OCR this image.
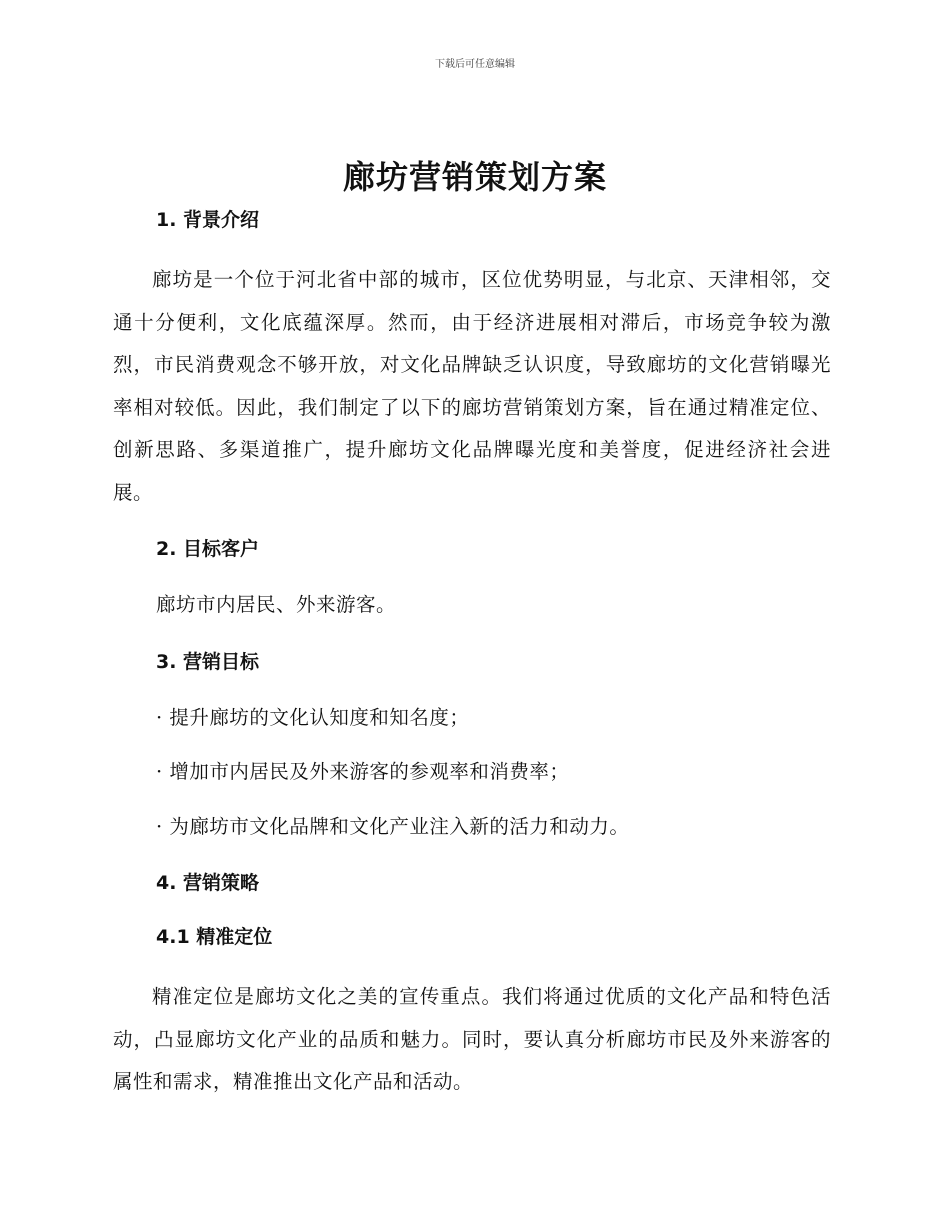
下载后可任意编辑
廊坊营销策划方案
1. 背景介绍

廊坊是一个位于河北省中部的城市，区位优势明显，与北京、天津相邻，交通十分便利，文化底蕴深厚。然而，由于经济进展相对滞后，市场竞争较为激烈，市民消费观念不够开放，对文化品牌缺乏认识度，导致廊坊的文化营销曝光率相对较低。因此，我们制定了以下的廊坊营销策划方案，旨在通过精准定位、创新思路、多渠道推广，提升廊坊文化品牌曝光度和美誉度，促进经济社会进展。

2. 目标客户

廊坊市内居民、外来游客。

3. 营销目标

· 提升廊坊的文化认知度和知名度；

· 增加市内居民及外来游客的参观率和消费率；

· 为廊坊市文化品牌和文化产业注入新的活力和动力。

4. 营销策略
4.1 精准定位

精准定位是廊坊文化之美的宣传重点。我们将通过优质的文化产品和特色活动，凸显廊坊文化产业的品质和魅力。同时，要认真分析廊坊市民及外来游客的属性和需求，精准推出文化产品和活动。
